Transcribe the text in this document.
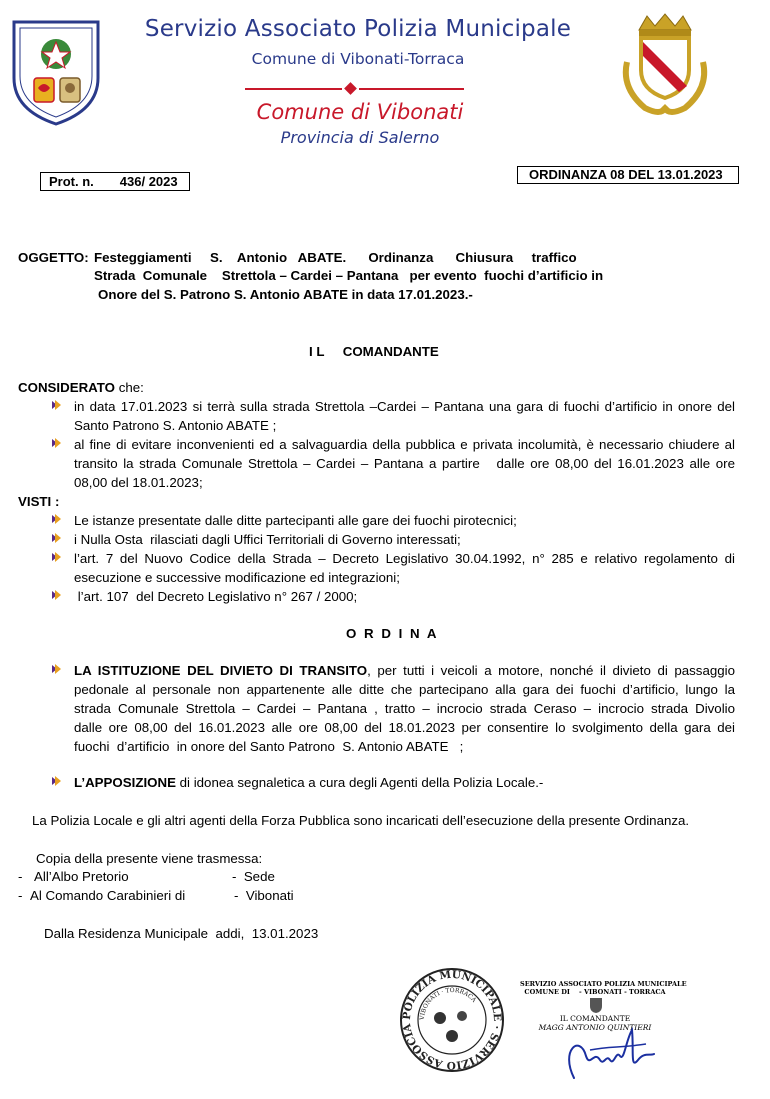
Servizio Associato Polizia Municipale
Comune di Vibonati-Torraca
Comune di Vibonati
Provincia di Salerno
Prot. n. 436/ 2023	ORDINANZA 08 DEL 13.01.2023
OGGETTO: Festeggiamenti     S.    Antonio   ABATE.      Ordinanza      Chiusura     traffico
Strada  Comunale    Strettola – Cardei – Pantana   per evento  fuochi d’artificio in
Onore del S. Patrono S. Antonio ABATE in data 17.01.2023.-
I L     COMANDANTE
CONSIDERATO che:
in data 17.01.2023 si terrà sulla strada Strettola –Cardei – Pantana una gara di fuochi d’artificio in onore del
Santo Patrono S. Antonio ABATE ;
al fine di evitare inconvenienti ed a salvaguardia della pubblica e privata incolumità, è necessario chiudere al
transito la strada Comunale Strettola – Cardei – Pantana a partire   dalle ore 08,00 del 16.01.2023 alle ore
08,00 del 18.01.2023;
VISTI :
Le istanze presentate dalle ditte partecipanti alle gare dei fuochi pirotecnici;
i Nulla Osta  rilasciati dagli Uffici Territoriali di Governo interessati;
l’art. 7 del Nuovo Codice della Strada – Decreto Legislativo 30.04.1992, n° 285 e relativo regolamento di
esecuzione e successive modificazione ed integrazioni;
l’art. 107  del Decreto Legislativo n° 267 / 2000;
O R D I N A
LA ISTITUZIONE DEL DIVIETO DI TRANSITO, per tutti i veicoli a motore, nonché il divieto di passaggio
pedonale al personale non appartenente alle ditte che partecipano alla gara dei fuochi d’artificio, lungo la
strada Comunale Strettola – Cardei – Pantana , tratto – incrocio strada Ceraso – incrocio strada Divolio
dalle ore 08,00 del 16.01.2023 alle ore 08,00 del 18.01.2023 per consentire lo svolgimento della gara dei
fuochi  d’artificio  in onore del Santo Patrono  S. Antonio ABATE   ;
L’APPOSIZIONE di idonea segnaletica a cura degli Agenti della Polizia Locale.-
La Polizia Locale e gli altri agenti della Forza Pubblica sono incaricati dell’esecuzione della presente Ordinanza.
Copia della presente viene trasmessa:
- All’Albo Pretorio	-  Sede
- Al Comando Carabinieri di	-  Vibonati
Dalla Residenza Municipale  addi,  13.01.2023
POLIZIA MUNICIPALE · SERVIZIO ASSOCIA
VIBONATI · TORRACA
SERVIZIO ASSOCIATO POLIZIA MUNICIPALE
COMUNE DI    - VIBONATI - TORRACA
IL COMANDANTE
MAGG ANTONIO QUINTIERI
